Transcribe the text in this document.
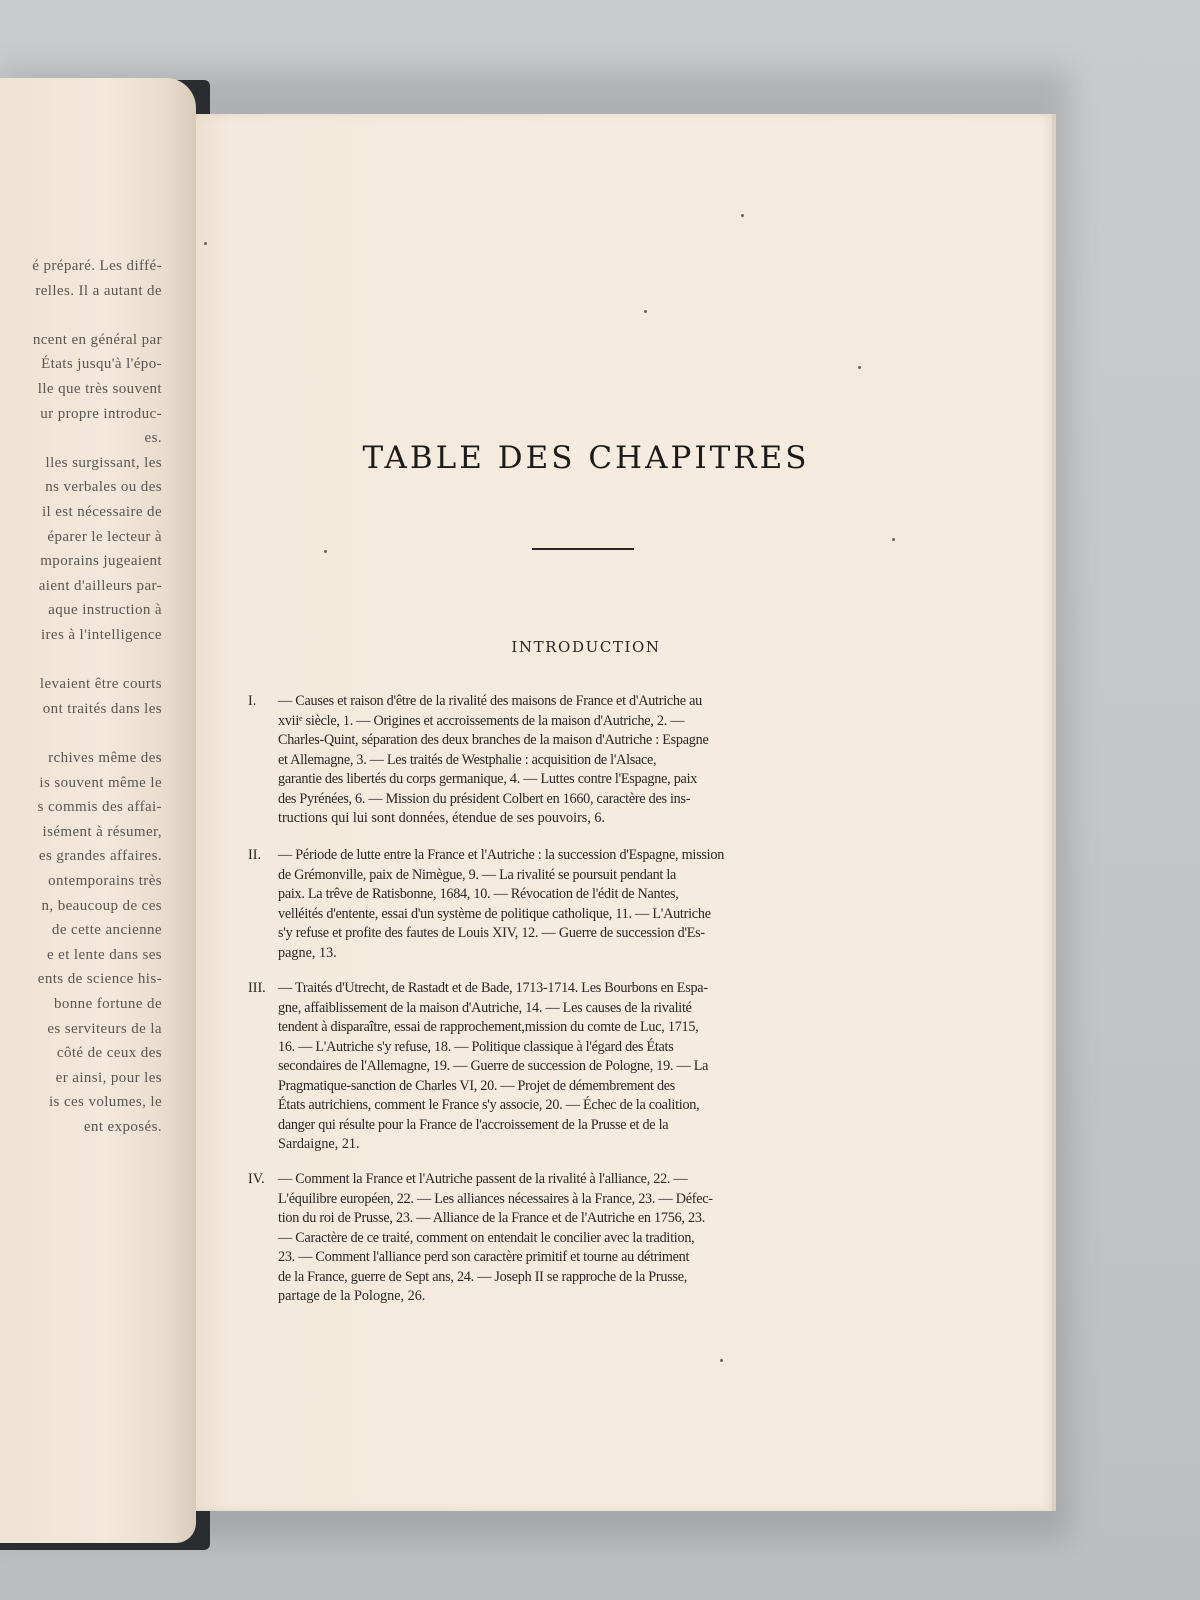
é préparé. Les diffé-
relles. Il a autant de
ncent en général par
États jusqu'à l'épo-
lle que très souvent
ur propre introduc-
es.
lles surgissant, les
ns verbales ou des
il est nécessaire de
éparer le lecteur à
mporains jugeaient
aient d'ailleurs par-
aque instruction à
ires à l'intelligence
levaient être courts
ont traités dans les
rchives même des
is souvent même le
s commis des affai-
isément à résumer,
es grandes affaires.
ontemporains très
n, beaucoup de ces
de cette ancienne
e et lente dans ses
ents de science his-
bonne fortune de
es serviteurs de la
côté de ceux des
er ainsi, pour les
is ces volumes, le
ent exposés.
TABLE DES CHAPITRES
INTRODUCTION
I. — Causes et raison d'être de la rivalité des maisons de France et d'Autriche au
xviiᵉ siècle, 1. — Origines et accroissements de la maison d'Autriche, 2. —
Charles-Quint, séparation des deux branches de la maison d'Autriche : Espagne
et Allemagne, 3. — Les traités de Westphalie : acquisition de l'Alsace,
garantie des libertés du corps germanique, 4. — Luttes contre l'Espagne, paix
des Pyrénées, 6. — Mission du président Colbert en 1660, caractère des ins-
tructions qui lui sont données, étendue de ses pouvoirs, 6.
II. — Période de lutte entre la France et l'Autriche : la succession d'Espagne, mission
de Grémonville, paix de Nimègue, 9. — La rivalité se poursuit pendant la
paix. La trêve de Ratisbonne, 1684, 10. — Révocation de l'édit de Nantes,
velléités d'entente, essai d'un système de politique catholique, 11. — L'Autriche
s'y refuse et profite des fautes de Louis XIV, 12. — Guerre de succession d'Es-
pagne, 13.
III. — Traités d'Utrecht, de Rastadt et de Bade, 1713-1714. Les Bourbons en Espa-
gne, affaiblissement de la maison d'Autriche, 14. — Les causes de la rivalité
tendent à disparaître, essai de rapprochement,mission du comte de Luc, 1715,
16. — L'Autriche s'y refuse, 18. — Politique classique à l'égard des États
secondaires de l'Allemagne, 19. — Guerre de succession de Pologne, 19. — La
Pragmatique-sanction de Charles VI, 20. — Projet de démembrement des
États autrichiens, comment le France s'y associe, 20. — Échec de la coalition,
danger qui résulte pour la France de l'accroissement de la Prusse et de la
Sardaigne, 21.
IV. — Comment la France et l'Autriche passent de la rivalité à l'alliance, 22. —
L'équilibre européen, 22. — Les alliances nécessaires à la France, 23. — Défec-
tion du roi de Prusse, 23. — Alliance de la France et de l'Autriche en 1756, 23.
— Caractère de ce traité, comment on entendait le concilier avec la tradition,
23. — Comment l'alliance perd son caractère primitif et tourne au détriment
de la France, guerre de Sept ans, 24. — Joseph II se rapproche de la Prusse,
partage de la Pologne, 26.
